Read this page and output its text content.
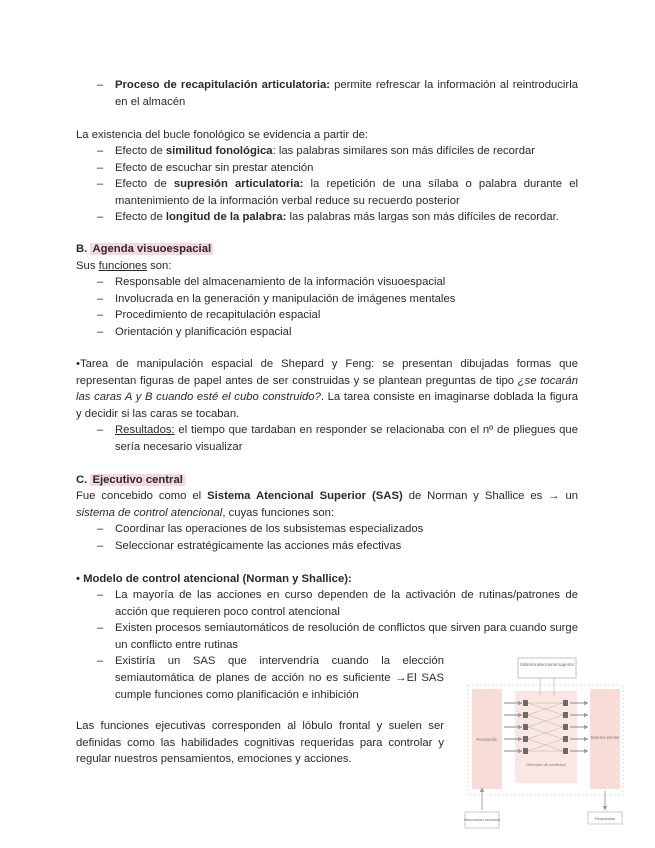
– Proceso de recapitulación articulatoria: permite refrescar la información al reintroducirla en el almacén
La existencia del bucle fonológico se evidencia a partir de:
– Efecto de similitud fonológica: las palabras similares son más difíciles de recordar
– Efecto de escuchar sin prestar atención
– Efecto de supresión articulatoria: la repetición de una sílaba o palabra durante el mantenimiento de la información verbal reduce su recuerdo posterior
– Efecto de longitud de la palabra: las palabras más largas son más difíciles de recordar.
B. Agenda visuoespacial
Sus funciones son:
– Responsable del almacenamiento de la información visuoespacial
– Involucrada en la generación y manipulación de imágenes mentales
– Procedimiento de recapitulación espacial
– Orientación y planificación espacial
•Tarea de manipulación espacial de Shepard y Feng: se presentan dibujadas formas que representan figuras de papel antes de ser construidas y se plantean preguntas de tipo ¿se tocarán las caras A y B cuando esté el cubo construido?. La tarea consiste en imaginarse doblada la figura y decidir si las caras se tocaban.
– Resultados: el tiempo que tardaban en responder se relacionaba con el nº de pliegues que sería necesario visualizar
C. Ejecutivo central
Fue concebido como el Sistema Atencional Superior (SAS) de Norman y Shallice es → un sistema de control atencional, cuyas funciones son:
– Coordinar las operaciones de los subsistemas especializados
– Seleccionar estratégicamente las acciones más efectivas
• Modelo de control atencional (Norman y Shallice):
– La mayoría de las acciones en curso dependen de la activación de rutinas/patrones de acción que requieren poco control atencional
– Existen procesos semiautomáticos de resolución de conflictos que sirven para cuando surge un conflicto entre rutinas
– Existiría un SAS que intervendría cuando la elección semiautomática de planes de acción no es suficiente →El SAS cumple funciones como planificación e inhibición
Las funciones ejecutivas corresponden al lóbulo frontal y suelen ser definidas como las habilidades cognitivas requeridas para controlar y regular nuestros pensamientos, emociones y acciones.
Sistema atencional superior
Percepción	Sistema efector
Dirimidor de conflictos
Información sensorial	Respuestas
